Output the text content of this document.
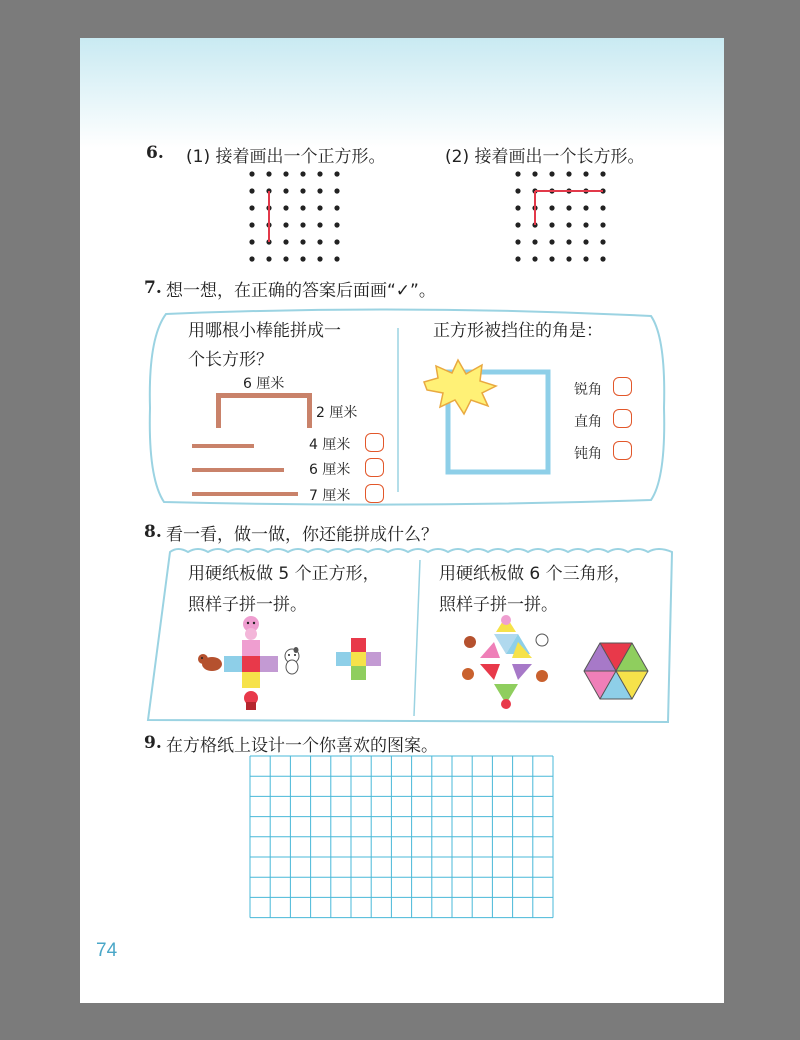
6. (1) 接着画出一个正方形。	(2) 接着画出一个长方形。
7. 想一想，在正确的答案后面画“✓”。
用哪根小棒能拼成一
个长方形？
6 厘米
2 厘米
4 厘米
6 厘米
7 厘米
正方形被挡住的角是：
锐角
直角
钝角
8. 看一看，做一做，你还能拼成什么？
用硬纸板做 5 个正方形，
照样子拼一拼。
用硬纸板做 6 个三角形，
照样子拼一拼。
9. 在方格纸上设计一个你喜欢的图案。
74
